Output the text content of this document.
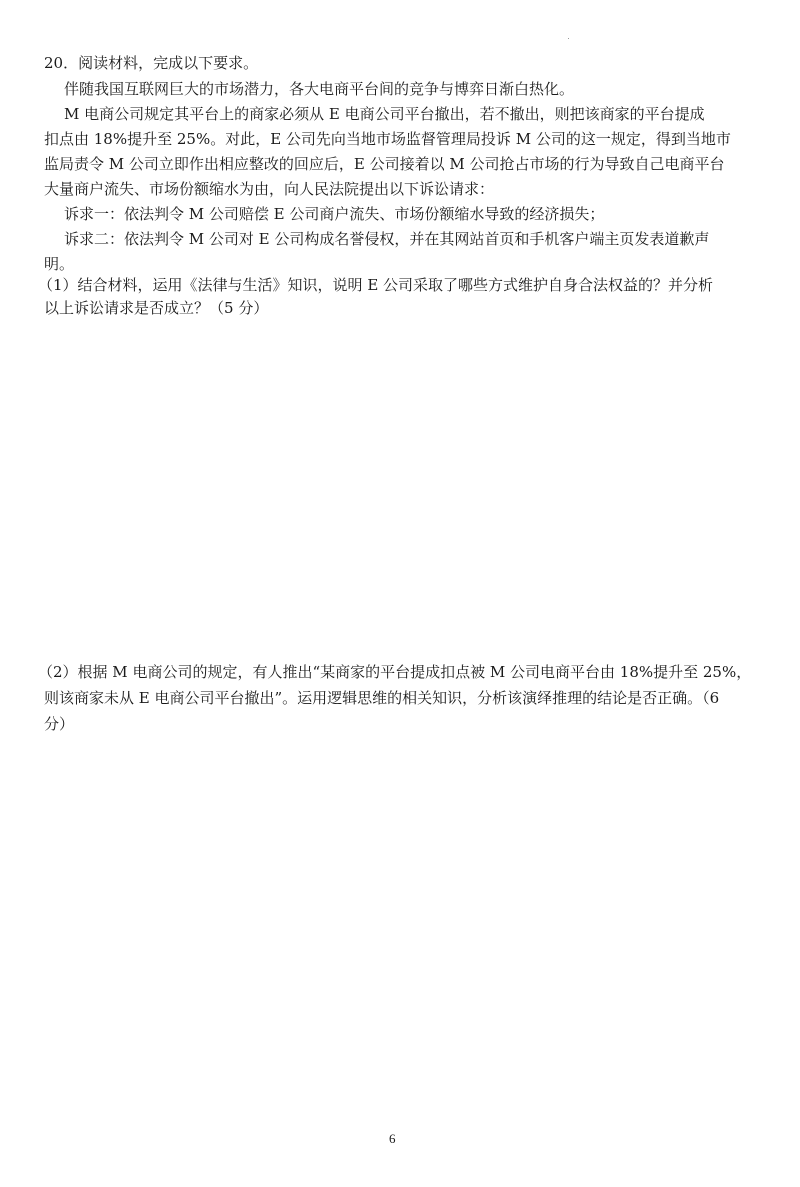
20．阅读材料，完成以下要求。
伴随我国互联网巨大的市场潜力，各大电商平台间的竞争与博弈日渐白热化。
M 电商公司规定其平台上的商家必须从 E 电商公司平台撤出，若不撤出，则把该商家的平台提成
扣点由 18%提升至 25%。对此，E 公司先向当地市场监督管理局投诉 M 公司的这一规定，得到当地市
监局责令 M 公司立即作出相应整改的回应后，E 公司接着以 M 公司抢占市场的行为导致自己电商平台
大量商户流失、市场份额缩水为由，向人民法院提出以下诉讼请求：
诉求一：依法判令 M 公司赔偿 E 公司商户流失、市场份额缩水导致的经济损失；
诉求二：依法判令 M 公司对 E 公司构成名誉侵权，并在其网站首页和手机客户端主页发表道歉声
明。
（1）结合材料，运用《法律与生活》知识，说明 E 公司采取了哪些方式维护自身合法权益的？并分析
以上诉讼请求是否成立？（5 分）
（2）根据 M 电商公司的规定，有人推出“某商家的平台提成扣点被 M 公司电商平台由 18%提升至 25%，
则该商家未从 E 电商公司平台撤出”。运用逻辑思维的相关知识，分析该演绎推理的结论是否正确。（6
分）
6
